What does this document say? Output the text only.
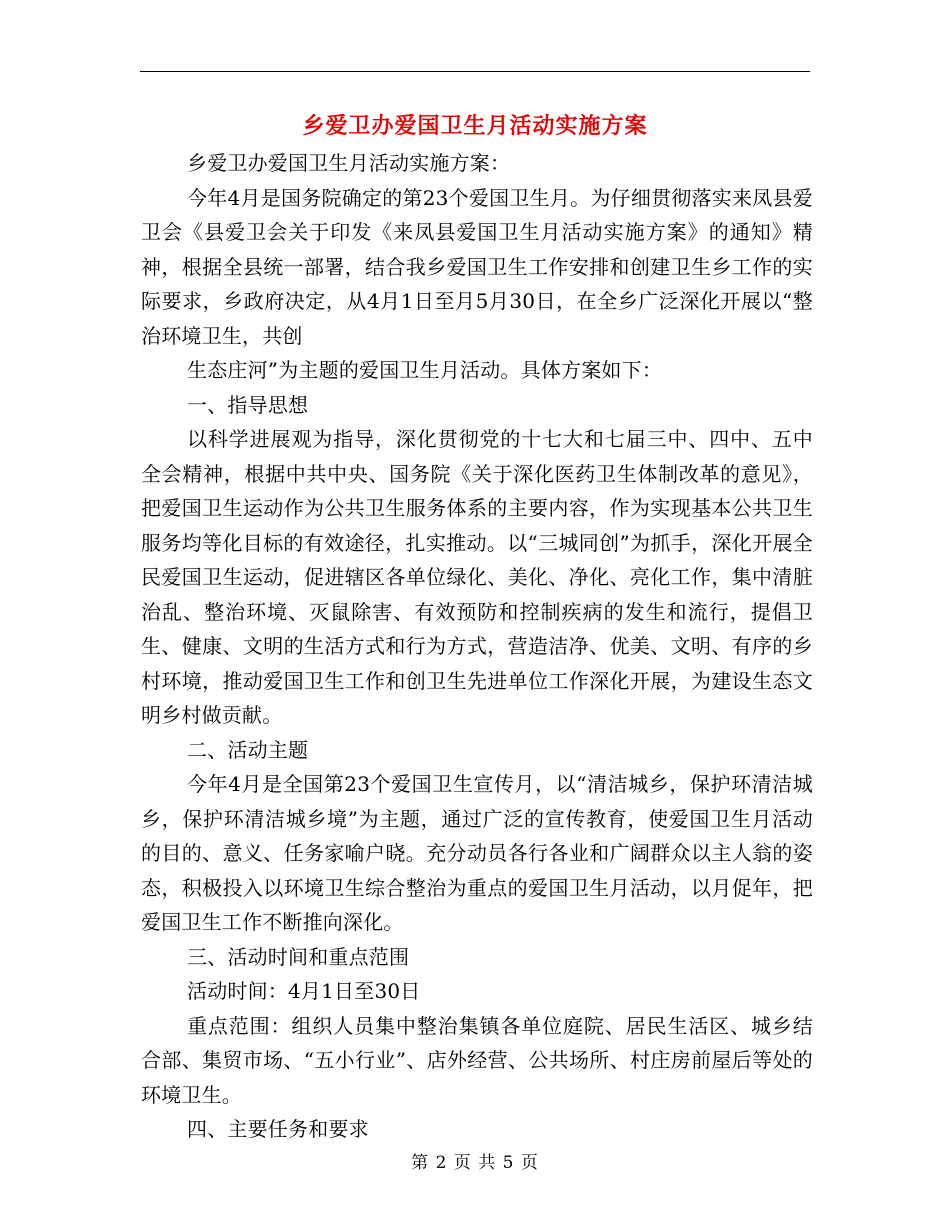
乡爱卫办爱国卫生月活动实施方案

乡爱卫办爱国卫生月活动实施方案：

今年4月是国务院确定的第23个爱国卫生月。为仔细贯彻落实来凤县爱卫会《县爱卫会关于印发《来凤县爱国卫生月活动实施方案》的通知》精神，根据全县统一部署，结合我乡爱国卫生工作安排和创建卫生乡工作的实际要求，乡政府决定，从4月1日至月5月30日，在全乡广泛深化开展以“整治环境卫生，共创

生态庄河”为主题的爱国卫生月活动。具体方案如下：

一、指导思想

以科学进展观为指导，深化贯彻党的十七大和七届三中、四中、五中全会精神，根据中共中央、国务院《关于深化医药卫生体制改革的意见》，把爱国卫生运动作为公共卫生服务体系的主要内容，作为实现基本公共卫生服务均等化目标的有效途径，扎实推动。以“三城同创”为抓手，深化开展全民爱国卫生运动，促进辖区各单位绿化、美化、净化、亮化工作，集中清脏治乱、整治环境、灭鼠除害、有效预防和控制疾病的发生和流行，提倡卫生、健康、文明的生活方式和行为方式，营造洁净、优美、文明、有序的乡村环境，推动爱国卫生工作和创卫生先进单位工作深化开展，为建设生态文明乡村做贡献。

二、活动主题

今年4月是全国第23个爱国卫生宣传月，以“清洁城乡，保护环清洁城乡，保护环清洁城乡境”为主题，通过广泛的宣传教育，使爱国卫生月活动的目的、意义、任务家喻户晓。充分动员各行各业和广阔群众以主人翁的姿态，积极投入以环境卫生综合整治为重点的爱国卫生月活动，以月促年，把爱国卫生工作不断推向深化。

三、活动时间和重点范围

活动时间：4月1日至30日

重点范围：组织人员集中整治集镇各单位庭院、居民生活区、城乡结合部、集贸市场、“五小行业”、店外经营、公共场所、村庄房前屋后等处的环境卫生。

四、主要任务和要求

第 2 页 共 5 页
